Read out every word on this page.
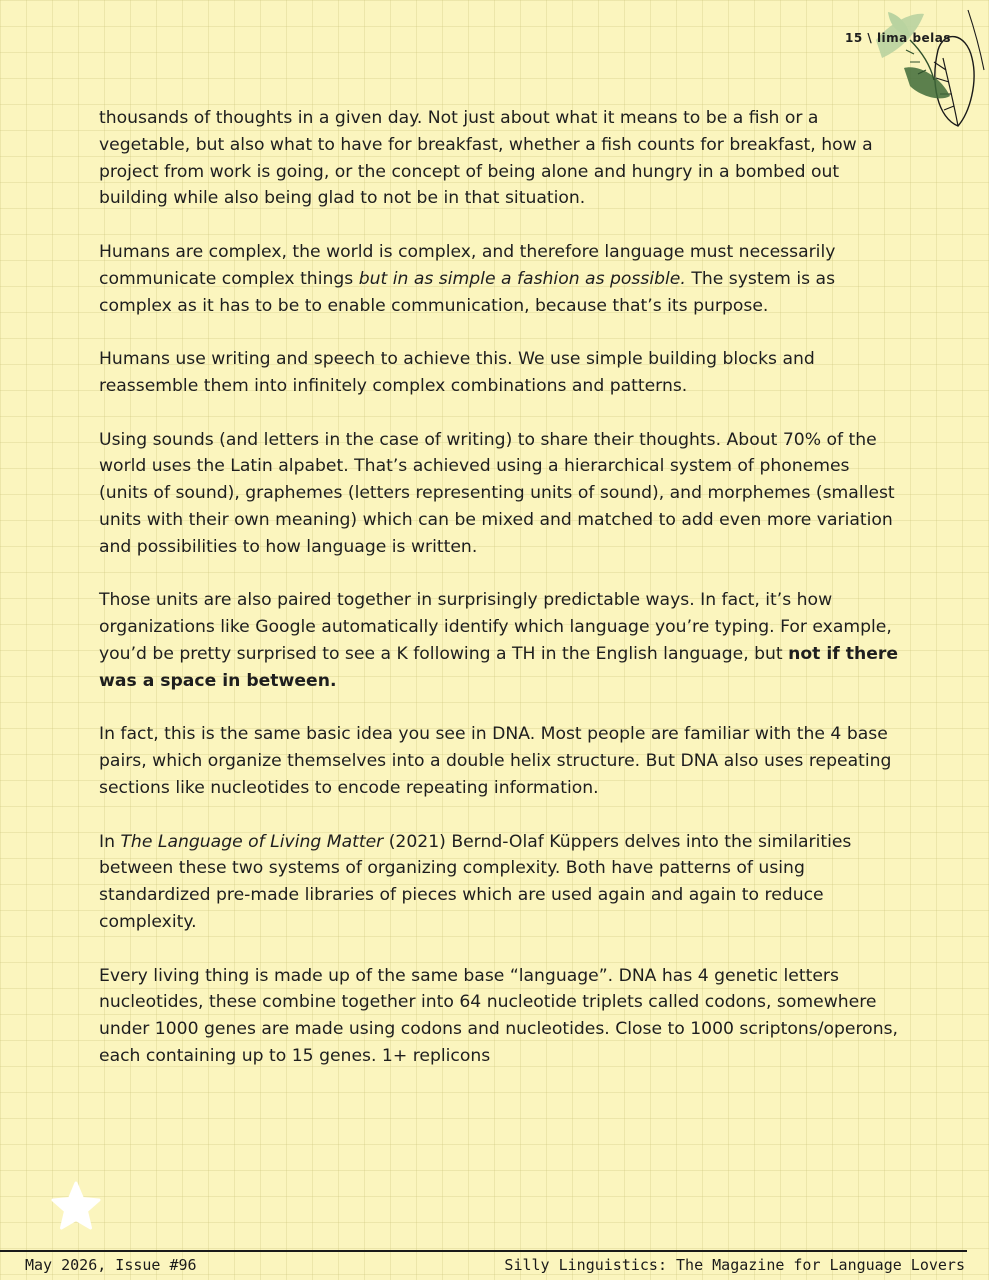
15 \ lima belas

thousands of thoughts in a given day. Not just about what it means to be a fish or a vegetable, but also what to have for breakfast, whether a fish counts for breakfast, how a project from work is going, or the concept of being alone and hungry in a bombed out building while also being glad to not be in that situation.

Humans are complex, the world is complex, and therefore language must necessarily communicate complex things but in as simple a fashion as possible. The system is as complex as it has to be to enable communication, because that’s its purpose.

Humans use writing and speech to achieve this. We use simple building blocks and reassemble them into infinitely complex combinations and patterns.

Using sounds (and letters in the case of writing) to share their thoughts. About 70% of the world uses the Latin alpabet. That’s achieved using a hierarchical system of phonemes (units of sound), graphemes (letters representing units of sound), and morphemes (smallest units with their own meaning) which can be mixed and matched to add even more variation and possibilities to how language is written.

Those units are also paired together in surprisingly predictable ways. In fact, it’s how organizations like Google automatically identify which language you’re typing. For example, you’d be pretty surprised to see a K following a TH in the English language, but not if there was a space in between.

In fact, this is the same basic idea you see in DNA. Most people are familiar with the 4 base pairs, which organize themselves into a double helix structure. But DNA also uses repeating sections like nucleotides to encode repeating information.

In The Language of Living Matter (2021) Bernd-Olaf Küppers delves into the similarities between these two systems of organizing complexity. Both have patterns of using standardized pre-made libraries of pieces which are used again and again to reduce complexity.

Every living thing is made up of the same base “language”. DNA has 4 genetic letters nucleotides, these combine together into 64 nucleotide triplets called codons, somewhere under 1000 genes are made using codons and nucleotides. Close to 1000 scriptons/operons, each containing up to 15 genes. 1+ replicons

May 2026, Issue #96	Silly Linguistics: The Magazine for Language Lovers
